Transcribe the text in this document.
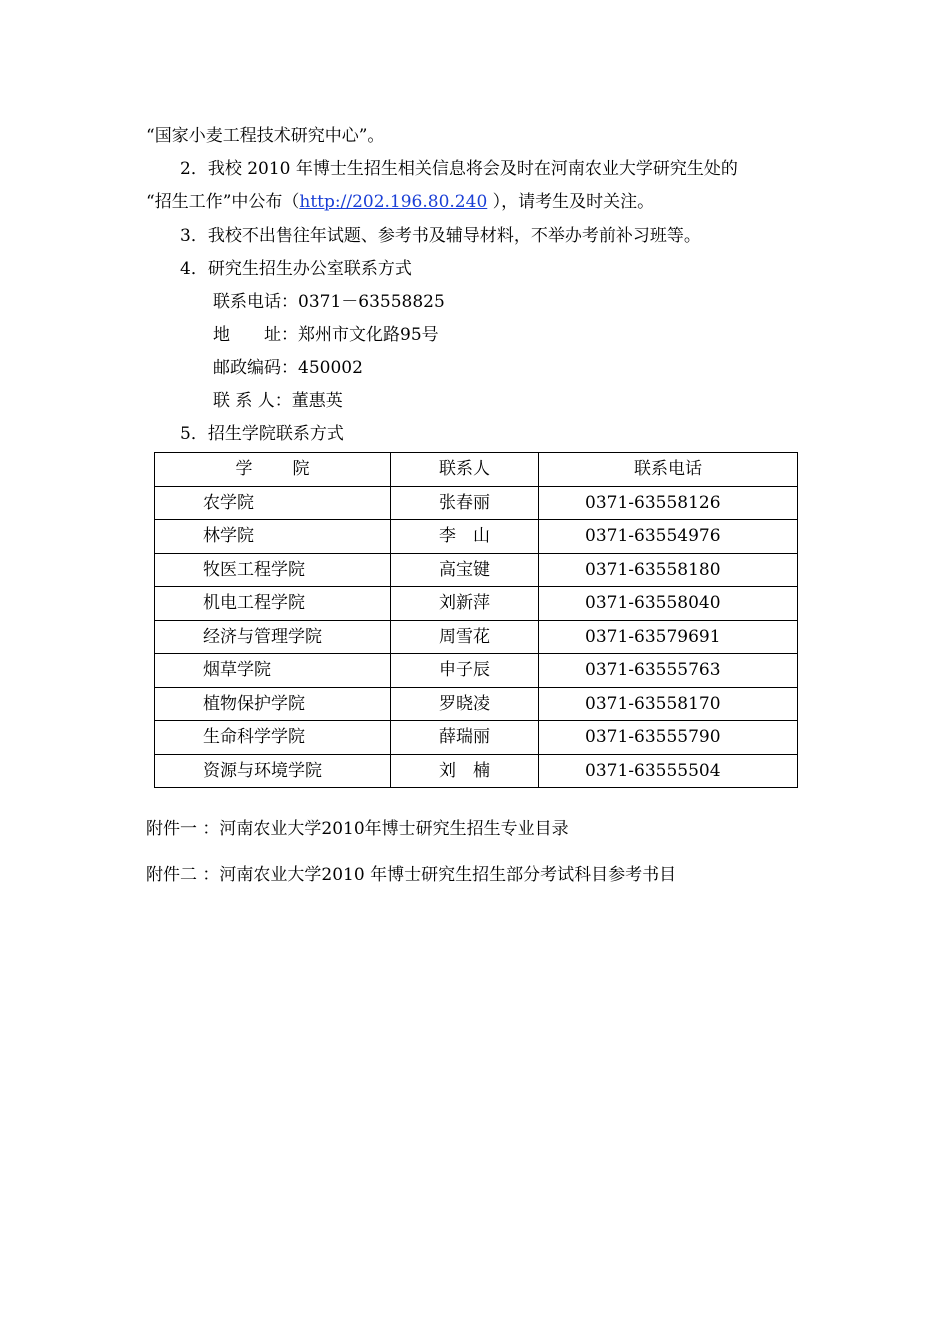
“国家小麦工程技术研究中心”。
2．我校 2010 年博士生招生相关信息将会及时在河南农业大学研究生处的
“招生工作”中公布（http://202.196.80.240 ），请考生及时关注。
3．我校不出售往年试题、参考书及辅导材料，不举办考前补习班等。
4．研究生招生办公室联系方式
联系电话：0371－63558825
地　　址：郑州市文化路95号
邮政编码：450002
联 系 人：董惠英
5．招生学院联系方式
学院	联系人	联系电话
农学院	张春丽	0371-63558126
林学院	李　山	0371-63554976
牧医工程学院	高宝键	0371-63558180
机电工程学院	刘新萍	0371-63558040
经济与管理学院	周雪花	0371-63579691
烟草学院	申子辰	0371-63555763
植物保护学院	罗晓凌	0371-63558170
生命科学学院	薛瑞丽	0371-63555790
资源与环境学院	刘　楠	0371-63555504
附件一 ：河南农业大学2010年博士研究生招生专业目录
附件二 ：河南农业大学2010 年博士研究生招生部分考试科目参考书目
